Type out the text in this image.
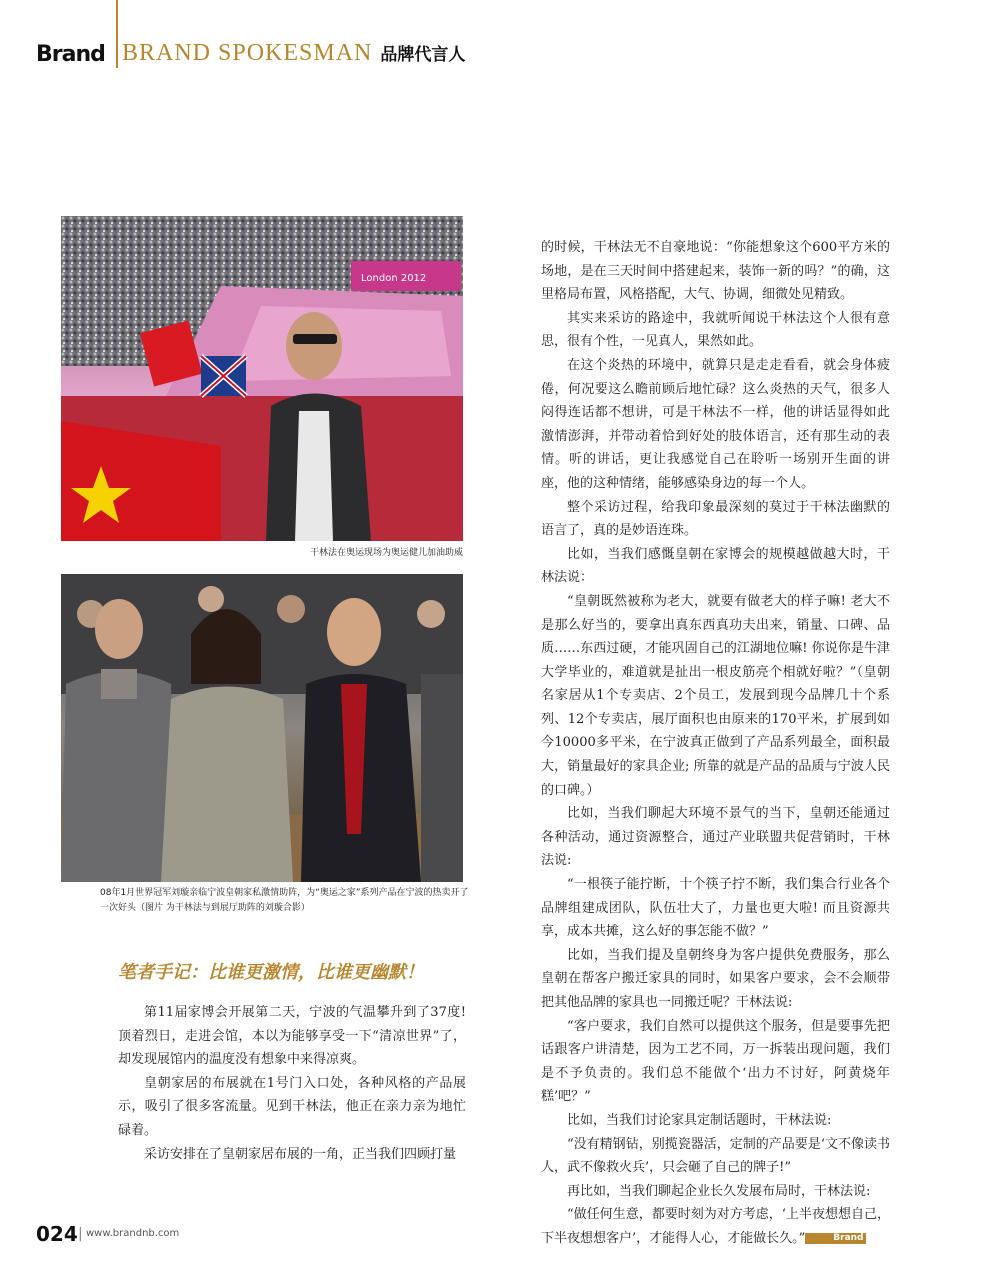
Brand BRAND SPOKESMAN 品牌代言人
London 2012
干林法在奥运现场为奥运健儿加油助威
08年1月世界冠军刘璇亲临宁波皇朝家私激情助阵，为“奥运之家”系列产品在宁波的热卖开了一次好头（图片 为干林法与到展厅助阵的刘璇合影）
笔者手记：比谁更激情，比谁更幽默！

第11届家博会开展第二天，宁波的气温攀升到了37度!顶着烈日，走进会馆，本以为能够享受一下“清凉世界”了，却发现展馆内的温度没有想象中来得凉爽。

皇朝家居的布展就在1号门入口处，各种风格的产品展示，吸引了很多客流量。见到干林法，他正在亲力亲为地忙碌着。

采访安排在了皇朝家居布展的一角，正当我们四顾打量

的时候，干林法无不自豪地说：“你能想象这个600平方米的场地，是在三天时间中搭建起来，装饰一新的吗？”的确，这里格局布置，风格搭配，大气、协调，细微处见精致。

其实来采访的路途中，我就听闻说干林法这个人很有意思，很有个性，一见真人，果然如此。

在这个炎热的环境中，就算只是走走看看，就会身体疲倦，何况要这么瞻前顾后地忙碌？这么炎热的天气，很多人闷得连话都不想讲，可是干林法不一样，他的讲话显得如此激情澎湃，并带动着恰到好处的肢体语言，还有那生动的表情。听的讲话，更让我感觉自己在聆听一场别开生面的讲座，他的这种情绪，能够感染身边的每一个人。

整个采访过程，给我印象最深刻的莫过于干林法幽默的语言了，真的是妙语连珠。

比如，当我们感慨皇朝在家博会的规模越做越大时，干林法说：

“皇朝既然被称为老大，就要有做老大的样子嘛! 老大不是那么好当的，要拿出真东西真功夫出来，销量、口碑、品质……东西过硬，才能巩固自己的江湖地位嘛! 你说你是牛津大学毕业的，难道就是扯出一根皮筋亮个相就好啦？”（皇朝名家居从1个专卖店、2个员工，发展到现今品牌几十个系列、12个专卖店，展厅面积也由原来的170平米，扩展到如今10000多平米，在宁波真正做到了产品系列最全，面积最大，销量最好的家具企业; 所靠的就是产品的品质与宁波人民的口碑。）

比如，当我们聊起大环境不景气的当下，皇朝还能通过各种活动，通过资源整合，通过产业联盟共促营销时，干林法说:

“一根筷子能拧断，十个筷子拧不断，我们集合行业各个品牌组建成团队，队伍壮大了，力量也更大啦! 而且资源共享，成本共摊，这么好的事怎能不做？”

比如，当我们提及皇朝终身为客户提供免费服务，那么皇朝在帮客户搬迁家具的同时，如果客户要求，会不会顺带把其他品牌的家具也一同搬迁呢？干林法说:

“客户要求，我们自然可以提供这个服务，但是要事先把话跟客户讲清楚，因为工艺不同，万一拆装出现问题，我们是不予负责的。我们总不能做个‘出力不讨好，阿黄烧年糕’吧？”

比如，当我们讨论家具定制话题时，干林法说:

“没有精钢钻，别揽瓷器活，定制的产品要是‘文不像读书人，武不像救火兵’，只会砸了自己的牌子!”

再比如，当我们聊起企业长久发展布局时，干林法说:

“做任何生意，都要时刻为对方考虑，‘上半夜想想自己，下半夜想想客户’，才能得人心，才能做长久。”	Brand

024 | www.brandnb.com
